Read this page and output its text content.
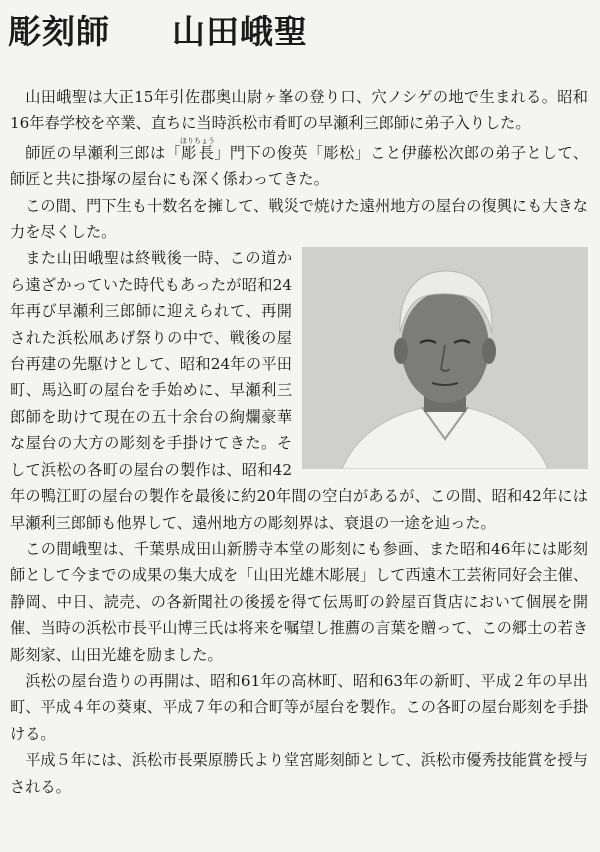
彫刻師 山田峨聖

山田峨聖は大正15年引佐郡奥山尉ヶ峯の登り口、穴ノシゲの地で生まれる。昭和16年春学校を卒業、直ちに当時浜松市肴町の早瀬利三郎師に弟子入りした。

師匠の早瀬利三郎は「彫長ほりちょう」門下の俊英「彫松」こと伊藤松次郎の弟子として、師匠と共に掛塚の屋台にも深く係わってきた。

この間、門下生も十数名を擁して、戦災で焼けた遠州地方の屋台の復興にも大きな力を尽くした。

また山田峨聖は終戦後一時、この道から遠ざかっていた時代もあったが昭和24年再び早瀬利三郎師に迎えられて、再開された浜松凧あげ祭りの中で、戦後の屋台再建の先駆けとして、昭和24年の平田町、馬込町の屋台を手始めに、早瀬利三郎師を助けて現在の五十余台の絢爛豪華な屋台の大方の彫刻を手掛けてきた。そして浜松の各町の屋台の製作は、昭和42年の鴨江町の屋台の製作を最後に約20年間の空白があるが、この間、昭和42年には早瀬利三郎師も他界して、遠州地方の彫刻界は、衰退の一途を辿った。

この間峨聖は、千葉県成田山新勝寺本堂の彫刻にも参画、また昭和46年には彫刻師として今までの成果の集大成を「山田光雄木彫展」して西遠木工芸術同好会主催、静岡、中日、読売、の各新聞社の後援を得て伝馬町の鈴屋百貨店において個展を開催、当時の浜松市長平山博三氏は将来を嘱望し推薦の言葉を贈って、この郷土の若き彫刻家、山田光雄を励ました。

浜松の屋台造りの再開は、昭和61年の高林町、昭和63年の新町、平成２年の早出町、平成４年の葵東、平成７年の和合町等が屋台を製作。この各町の屋台彫刻を手掛ける。

平成５年には、浜松市長栗原勝氏より堂宮彫刻師として、浜松市優秀技能賞を授与される。
